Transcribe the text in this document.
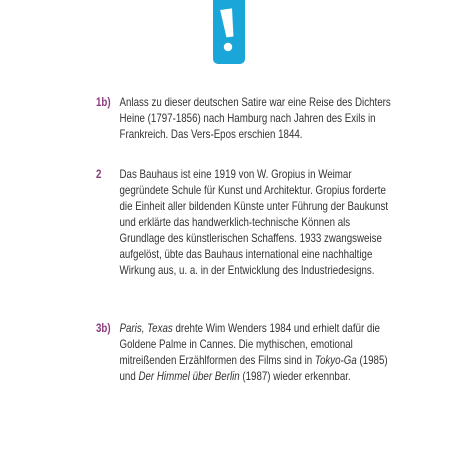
1b) Anlass zu dieser deutschen Satire war eine Reise des Dichters Heine (1797-1856) nach Hamburg nach Jahren des Exils in Frankreich. Das Vers-Epos erschien 1844.

2 Das Bauhaus ist eine 1919 von W. Gropius in Weimar gegründete Schule für Kunst und Architektur. Gropius forderte die Einheit aller bildenden Künste unter Führung der Baukunst und erklärte das handwerklich-technische Können als Grundlage des künstlerischen Schaffens. 1933 zwangsweise aufgelöst, übte das Bauhaus international eine nachhaltige Wirkung aus, u. a. in der Entwicklung des Industriedesigns.

3b) Paris, Texas drehte Wim Wenders 1984 und erhielt dafür die Goldene Palme in Cannes. Die mythischen, emotional mitreißenden Erzählformen des Films sind in Tokyo-Ga (1985) und Der Himmel über Berlin (1987) wieder erkennbar.
